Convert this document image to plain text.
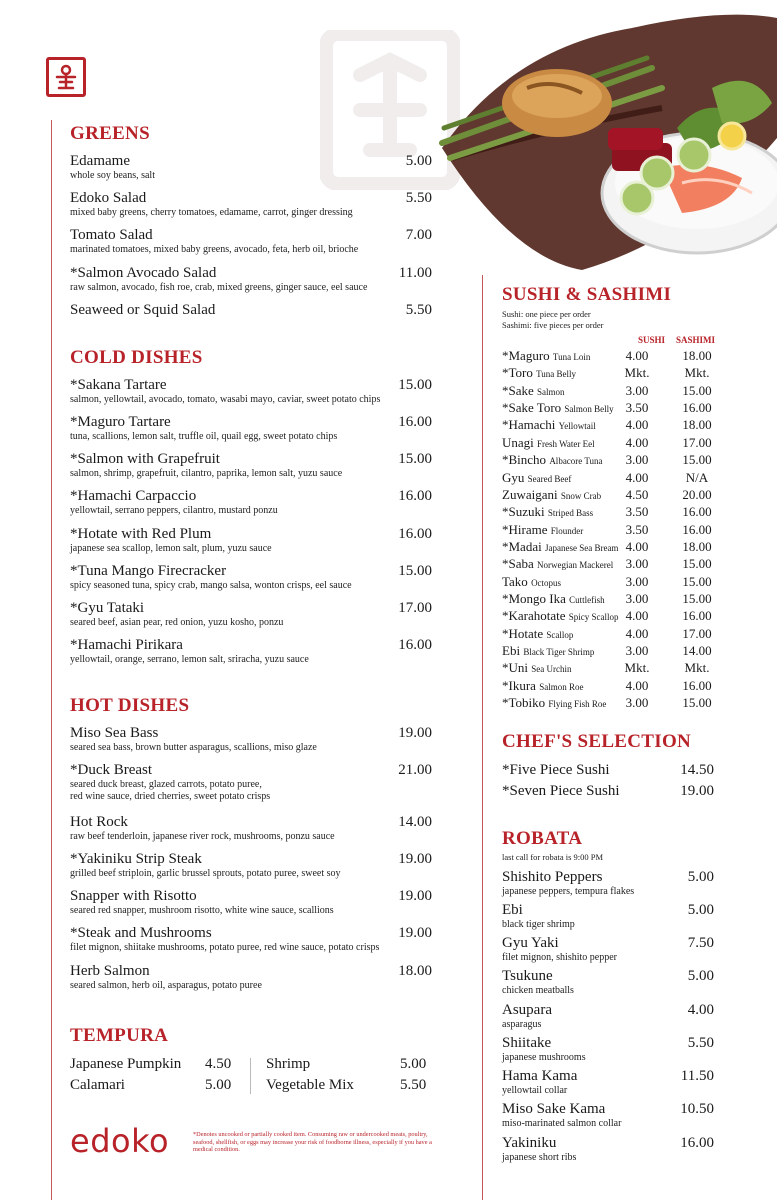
GREENS
Edamame	5.00
whole soy beans, salt
Edoko Salad	5.50
mixed baby greens, cherry tomatoes, edamame, carrot, ginger dressing
Tomato Salad	7.00
marinated tomatoes, mixed baby greens, avocado, feta, herb oil, brioche
*Salmon Avocado Salad	11.00
raw salmon, avocado, fish roe, crab, mixed greens, ginger sauce, eel sauce
Seaweed or Squid Salad	5.50
COLD DISHES
*Sakana Tartare	15.00
salmon, yellowtail, avocado, tomato, wasabi mayo, caviar, sweet potato chips
*Maguro Tartare	16.00
tuna, scallions, lemon salt, truffle oil, quail egg, sweet potato chips
*Salmon with Grapefruit	15.00
salmon, shrimp, grapefruit, cilantro, paprika, lemon salt, yuzu sauce
*Hamachi Carpaccio	16.00
yellowtail, serrano peppers, cilantro, mustard ponzu
*Hotate with Red Plum	16.00
japanese sea scallop, lemon salt, plum, yuzu sauce
*Tuna Mango Firecracker	15.00
spicy seasoned tuna, spicy crab, mango salsa, wonton crisps, eel sauce
*Gyu Tataki	17.00
seared beef, asian pear, red onion, yuzu kosho, ponzu
*Hamachi Pirikara	16.00
yellowtail, orange, serrano, lemon salt, sriracha, yuzu sauce
HOT DISHES
Miso Sea Bass	19.00
seared sea bass, brown butter asparagus, scallions, miso glaze
*Duck Breast	21.00
seared duck breast, glazed carrots, potato puree,
red wine sauce, dried cherries, sweet potato crisps
Hot Rock	14.00
raw beef tenderloin, japanese river rock, mushrooms, ponzu sauce
*Yakiniku Strip Steak	19.00
grilled beef striploin, garlic brussel sprouts, potato puree, sweet soy
Snapper with Risotto	19.00
seared red snapper, mushroom risotto, white wine sauce, scallions
*Steak and Mushrooms	19.00
filet mignon, shiitake mushrooms, potato puree, red wine sauce, potato crisps
Herb Salmon	18.00
seared salmon, herb oil, asparagus, potato puree
TEMPURA
Japanese Pumpkin 4.50
Calamari	5.00
Shrimp	5.00
Vegetable Mix	5.50
edoko	*Denotes uncooked or partially cooked item. Consuming raw or undercooked meats, poultry, seafood, shellfish, or eggs may increase your risk of foodborne illness, especially if you have a medical condition.
SUSHI & SASHIMI
Sushi: one piece per order
Sashimi: five pieces per order
SUSHI SASHIMI
*Maguro Tuna Loin	4.00	18.00
*Toro Tuna Belly	Mkt.	Mkt.
*Sake Salmon	3.00	15.00
*Sake Toro Salmon Belly 3.50	16.00
*Hamachi Yellowtail	4.00	18.00
Unagi Fresh Water Eel	4.00	17.00
*Bincho Albacore Tuna	3.00	15.00
Gyu Seared Beef	4.00	N/A
Zuwaigani Snow Crab	4.50	20.00
*Suzuki Striped Bass	3.50	16.00
*Hirame Flounder	3.50	16.00
*Madai Japanese Sea Bream 4.00	18.00
*Saba Norwegian Mackerel 3.00	15.00
Tako Octopus	3.00	15.00
*Mongo Ika Cuttlefish	3.00	15.00
*Karahotate Spicy Scallop 4.00	16.00
*Hotate Scallop	4.00	17.00
Ebi Black Tiger Shrimp	3.00	14.00
*Uni Sea Urchin	Mkt.	Mkt.
*Ikura Salmon Roe	4.00	16.00
*Tobiko Flying Fish Roe	3.00	15.00
CHEF'S SELECTION
*Five Piece Sushi	14.50
*Seven Piece Sushi	19.00
ROBATA
last call for robata is 9:00 PM
Shishito Peppers	5.00
japanese peppers, tempura flakes
Ebi	5.00
black tiger shrimp
Gyu Yaki	7.50
filet mignon, shishito pepper
Tsukune	5.00
chicken meatballs
Asupara	4.00
asparagus
Shiitake	5.50
japanese mushrooms
Hama Kama	11.50
yellowtail collar
Miso Sake Kama	10.50
miso-marinated salmon collar
Yakiniku	16.00
japanese short ribs
